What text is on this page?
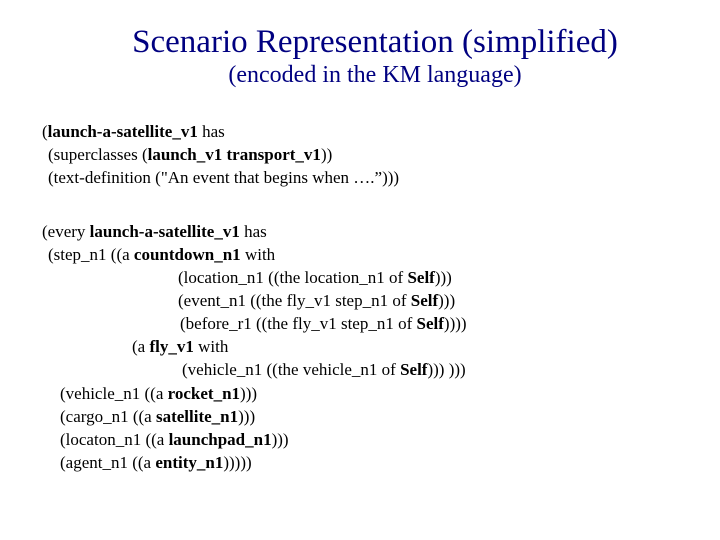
Scenario Representation (simplified)
(encoded in the KM language)
(launch-a-satellite_v1 has
(superclasses (launch_v1 transport_v1))
(text-definition ("An event that begins when ….”)))
(every launch-a-satellite_v1 has
(step_n1 ((a countdown_n1 with
(location_n1 ((the location_n1 of Self)))
(event_n1 ((the fly_v1 step_n1 of Self)))
(before_r1 ((the fly_v1 step_n1 of Self))))
(a fly_v1 with
(vehicle_n1 ((the vehicle_n1 of Self))) )))
(vehicle_n1 ((a rocket_n1)))
(cargo_n1 ((a satellite_n1)))
(locaton_n1 ((a launchpad_n1)))
(agent_n1 ((a entity_n1)))))
